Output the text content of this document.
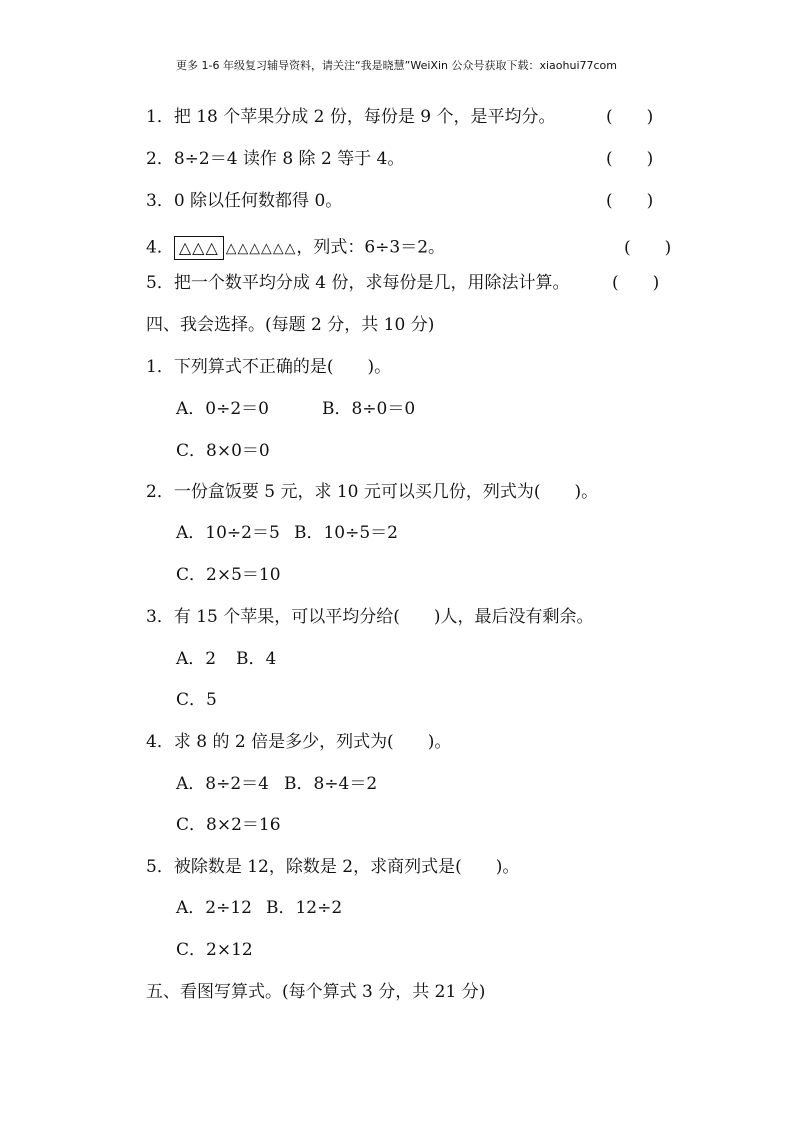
更多 1-6 年级复习辅导资料，请关注“我是晓慧”WeiXin 公众号获取下载：xiaohui77com
1．把 18 个苹果分成 2 份，每份是 9 个，是平均分。	(　　)
2．8÷2＝4 读作 8 除 2 等于 4。	(　　)
3．0 除以任何数都得 0。	(　　)
4． △△△ △△△△△△，列式：6÷3＝2。	(　　)
5．把一个数平均分成 4 份，求每份是几，用除法计算。	(　　)
四、我会选择。(每题 2 分，共 10 分)
1．下列算式不正确的是(　　)。
A．0÷2＝0	B．8÷0＝0
C．8×0＝0
2．一份盒饭要 5 元，求 10 元可以买几份，列式为(　　)。
A．10÷2＝5 B．10÷5＝2
C．2×5＝10
3．有 15 个苹果，可以平均分给(　　)人，最后没有剩余。
A．2 B．4
C．5
4．求 8 的 2 倍是多少，列式为(　　)。
A．8÷2＝4 B．8÷4＝2
C．8×2＝16
5．被除数是 12，除数是 2，求商列式是(　　)。
A．2÷12 B．12÷2
C．2×12
五、看图写算式。(每个算式 3 分，共 21 分)
